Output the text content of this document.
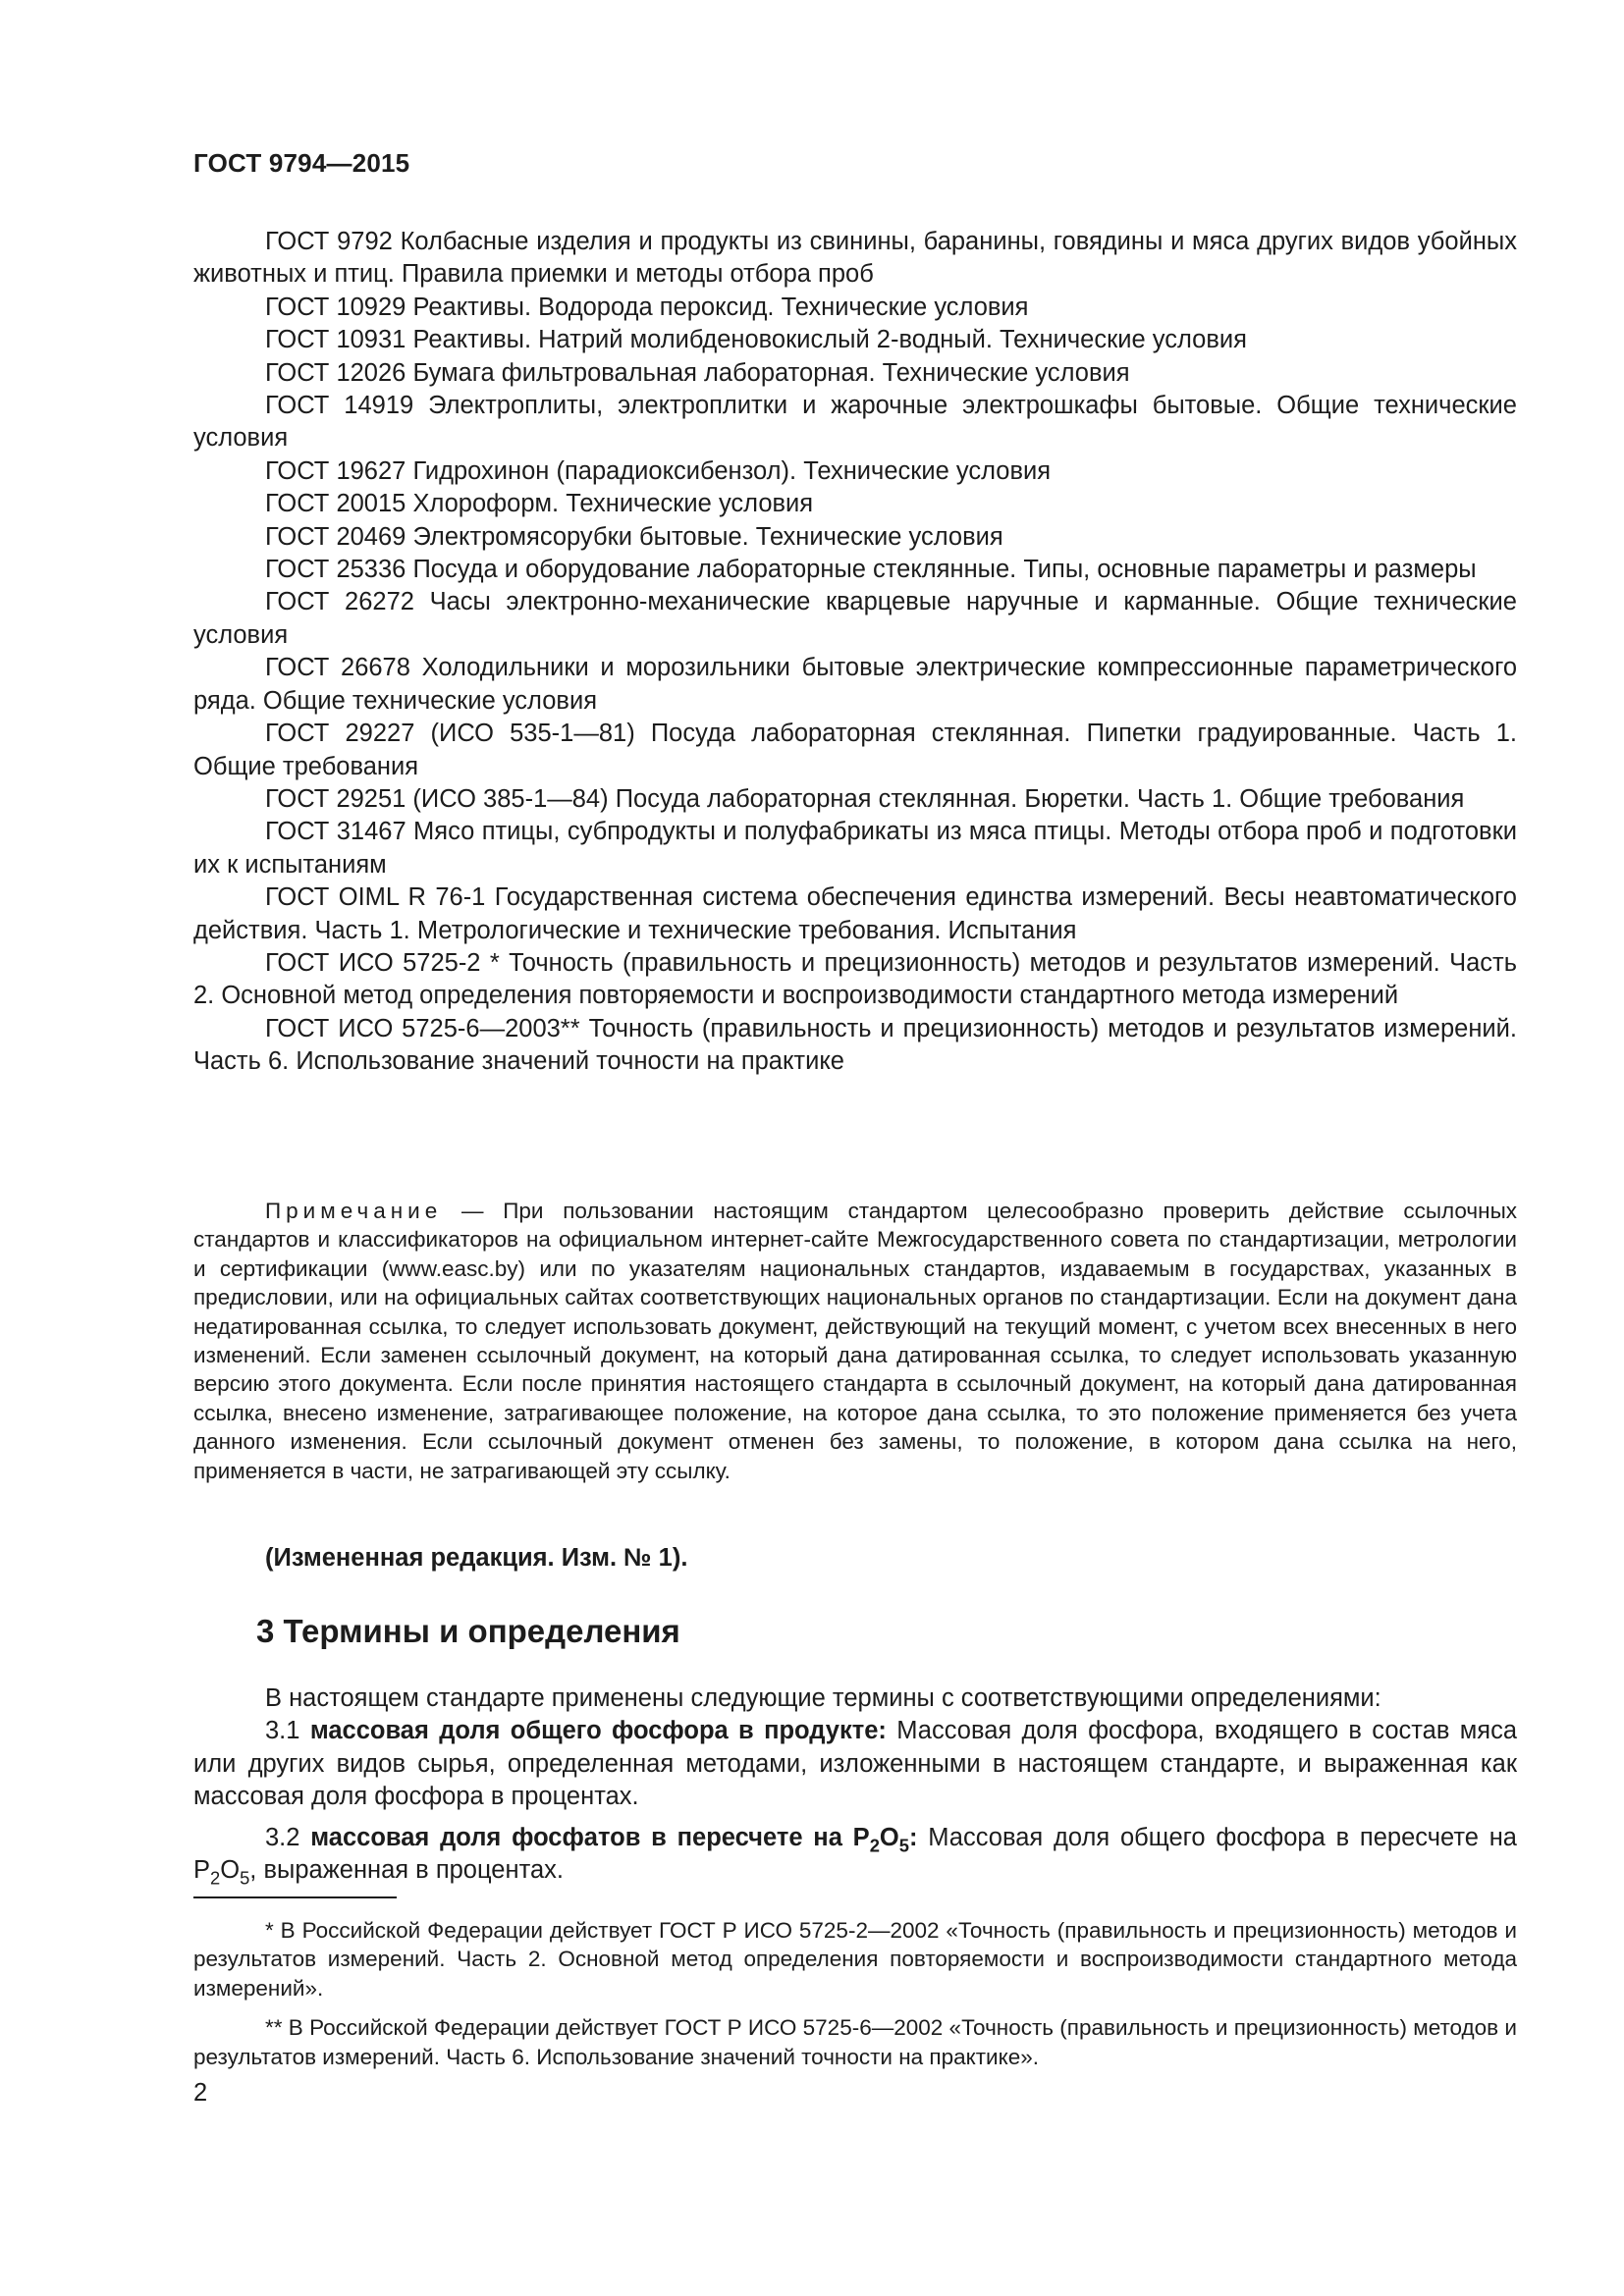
ГОСТ 9794—2015

ГОСТ 9792 Колбасные изделия и продукты из свинины, баранины, говядины и мяса других видов убойных животных и птиц. Правила приемки и методы отбора проб

ГОСТ 10929 Реактивы. Водорода пероксид. Технические условия

ГОСТ 10931 Реактивы. Натрий молибденовокислый 2-водный. Технические условия

ГОСТ 12026 Бумага фильтровальная лабораторная. Технические условия

ГОСТ 14919 Электроплиты, электроплитки и жарочные электрошкафы бытовые. Общие технические условия

ГОСТ 19627 Гидрохинон (парадиоксибензол). Технические условия

ГОСТ 20015 Хлороформ. Технические условия

ГОСТ 20469 Электромясорубки бытовые. Технические условия

ГОСТ 25336 Посуда и оборудование лабораторные стеклянные. Типы, основные параметры и размеры

ГОСТ 26272 Часы электронно-механические кварцевые наручные и карманные. Общие технические условия

ГОСТ 26678 Холодильники и морозильники бытовые электрические компрессионные параметрического ряда. Общие технические условия

ГОСТ 29227 (ИСО 535-1—81) Посуда лабораторная стеклянная. Пипетки градуированные. Часть 1. Общие требования

ГОСТ 29251 (ИСО 385-1—84) Посуда лабораторная стеклянная. Бюретки. Часть 1. Общие требования

ГОСТ 31467 Мясо птицы, субпродукты и полуфабрикаты из мяса птицы. Методы отбора проб и подготовки их к испытаниям

ГОСТ OIML R 76-1 Государственная система обеспечения единства измерений. Весы неавтоматического действия. Часть 1. Метрологические и технические требования. Испытания

ГОСТ ИСО 5725-2 * Точность (правильность и прецизионность) методов и результатов измерений. Часть 2. Основной метод определения повторяемости и воспроизводимости стандартного метода измерений

ГОСТ ИСО 5725-6—2003** Точность (правильность и прецизионность) методов и результатов измерений. Часть 6. Использование значений точности на практике

Примечание — При пользовании настоящим стандартом целесообразно проверить действие ссылочных стандартов и классификаторов на официальном интернет-сайте Межгосударственного совета по стандартизации, метрологии и сертификации (www.easc.by) или по указателям национальных стандартов, издаваемым в государствах, указанных в предисловии, или на официальных сайтах соответствующих национальных органов по стандартизации. Если на документ дана недатированная ссылка, то следует использовать документ, действующий на текущий момент, с учетом всех внесенных в него изменений. Если заменен ссылочный документ, на который дана датированная ссылка, то следует использовать указанную версию этого документа. Если после принятия настоящего стандарта в ссылочный документ, на который дана датированная ссылка, внесено изменение, затрагивающее положение, на которое дана ссылка, то это положение применяется без учета данного изменения. Если ссылочный документ отменен без замены, то положение, в котором дана ссылка на него, применяется в части, не затрагивающей эту ссылку.

(Измененная редакция. Изм. № 1).
3 Термины и определения

В настоящем стандарте применены следующие термины с соответствующими определениями:

3.1 массовая доля общего фосфора в продукте: Массовая доля фосфора, входящего в состав мяса или других видов сырья, определенная методами, изложенными в настоящем стандарте, и выраженная как массовая доля фосфора в процентах.

3.2 массовая доля фосфатов в пересчете на $Р_2О_5$: Массовая доля общего фосфора в пересчете на $Р_2О_5$, выраженная в процентах.

* В Российской Федерации действует ГОСТ Р ИСО 5725-2—2002 «Точность (правильность и прецизионность) методов и результатов измерений. Часть 2. Основной метод определения повторяемости и воспроизводимости стандартного метода измерений».

** В Российской Федерации действует ГОСТ Р ИСО 5725-6—2002 «Точность (правильность и прецизионность) методов и результатов измерений. Часть 6. Использование значений точности на практике».

2
